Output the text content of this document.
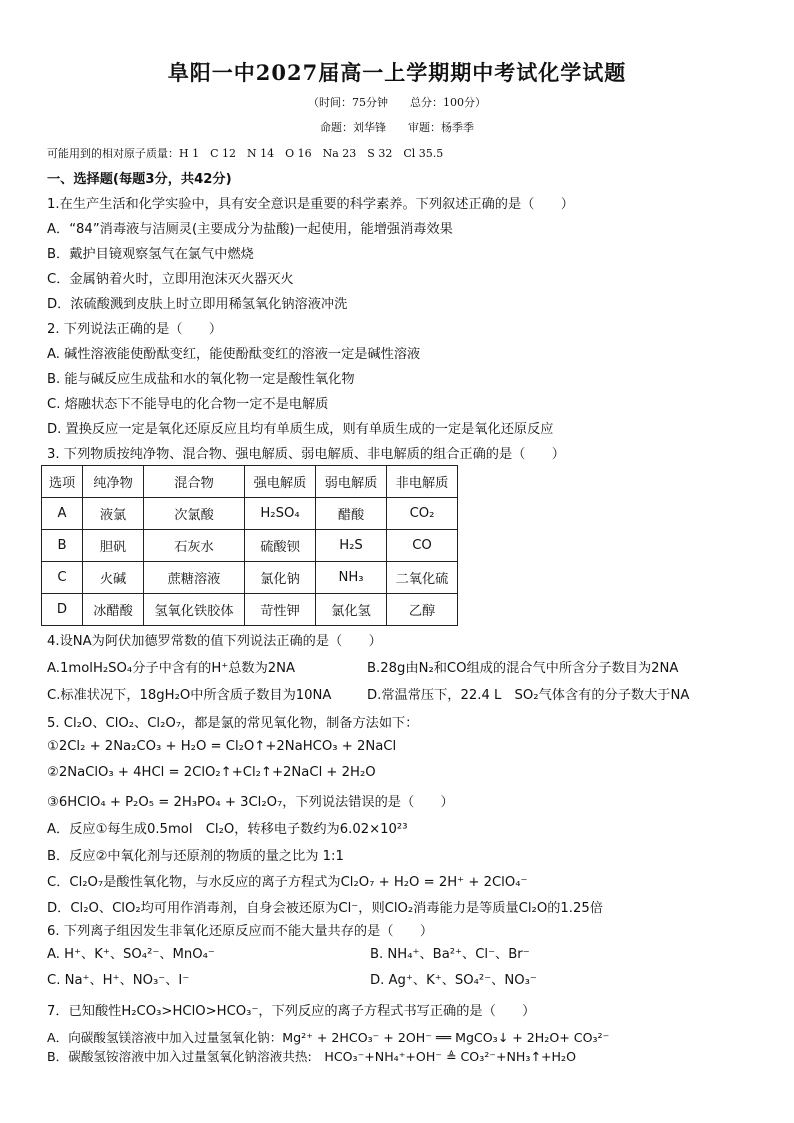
阜阳一中2027届高一上学期期中考试化学试题
（时间：75分钟　　总分：100分）
命题：刘华锋　　审题：杨季季
可能用到的相对原子质量：H 1　C 12　N 14　O 16　Na 23　S 32　Cl 35.5
一、选择题(每题3分，共42分)
1.在生产生活和化学实验中，具有安全意识是重要的科学素养。下列叙述正确的是（　　）
A．“84”消毒液与洁厕灵(主要成分为盐酸)一起使用，能增强消毒效果
B．戴护目镜观察氢气在氯气中燃烧
C．金属钠着火时，立即用泡沫灭火器灭火
D．浓硫酸溅到皮肤上时立即用稀氢氧化钠溶液冲洗
2. 下列说法正确的是（　　）
A. 碱性溶液能使酚酞变红，能使酚酞变红的溶液一定是碱性溶液
B. 能与碱反应生成盐和水的氧化物一定是酸性氧化物
C. 熔融状态下不能导电的化合物一定不是电解质
D. 置换反应一定是氧化还原反应且均有单质生成，则有单质生成的一定是氧化还原反应
3. 下列物质按纯净物、混合物、强电解质、弱电解质、非电解质的组合正确的是（　　）
选项	纯净物	混合物	强电解质	弱电解质	非电解质
A	液氯	次氯酸	H₂SO₄	醋酸	CO₂
B	胆矾	石灰水	硫酸钡	H₂S	CO
C	火碱	蔗糖溶液	氯化钠	NH₃	二氧化硫
D	冰醋酸	氢氧化铁胶体	苛性钾	氯化氢	乙醇
4.设NA为阿伏加德罗常数的值下列说法正确的是（　　）
A.1molH₂SO₄分子中含有的H⁺总数为2NA	B.28g由N₂和CO组成的混合气中所含分子数目为2NA
C.标准状况下，18gH₂O中所含质子数目为10NA	D.常温常压下，22.4 L　SO₂气体含有的分子数大于NA
5. Cl₂O、ClO₂、Cl₂O₇，都是氯的常见氧化物，制备方法如下：
①2Cl₂ + 2Na₂CO₃ + H₂O = Cl₂O↑+2NaHCO₃ + 2NaCl
②2NaClO₃ + 4HCl = 2ClO₂↑+Cl₂↑+2NaCl + 2H₂O
③6HClO₄ + P₂O₅ = 2H₃PO₄ + 3Cl₂O₇，下列说法错误的是（　　）
A．反应①每生成0.5mol　Cl₂O，转移电子数约为6.02×10²³
B．反应②中氧化剂与还原剂的物质的量之比为 1:1
C．Cl₂O₇是酸性氧化物，与水反应的离子方程式为Cl₂O₇ + H₂O = 2H⁺ + 2ClO₄⁻
D．Cl₂O、ClO₂均可用作消毒剂，自身会被还原为Cl⁻，则ClO₂消毒能力是等质量Cl₂O的1.25倍
6. 下列离子组因发生非氧化还原反应而不能大量共存的是（　　）
A. H⁺、K⁺、SO₄²⁻、MnO₄⁻	B. NH₄⁺、Ba²⁺、Cl⁻、Br⁻
C. Na⁺、H⁺、NO₃⁻、I⁻	D. Ag⁺、K⁺、SO₄²⁻、NO₃⁻
7．已知酸性H₂CO₃>HClO>HCO₃⁻，下列反应的离子方程式书写正确的是（　　）
A．向碳酸氢镁溶液中加入过量氢氧化钠：Mg²⁺ + 2HCO₃⁻ + 2OH⁻ ══ MgCO₃↓ + 2H₂O+ CO₃²⁻
B．碳酸氢铵溶液中加入过量氢氧化钠溶液共热:　HCO₃⁻+NH₄⁺+OH⁻ ≜ CO₃²⁻+NH₃↑+H₂O
